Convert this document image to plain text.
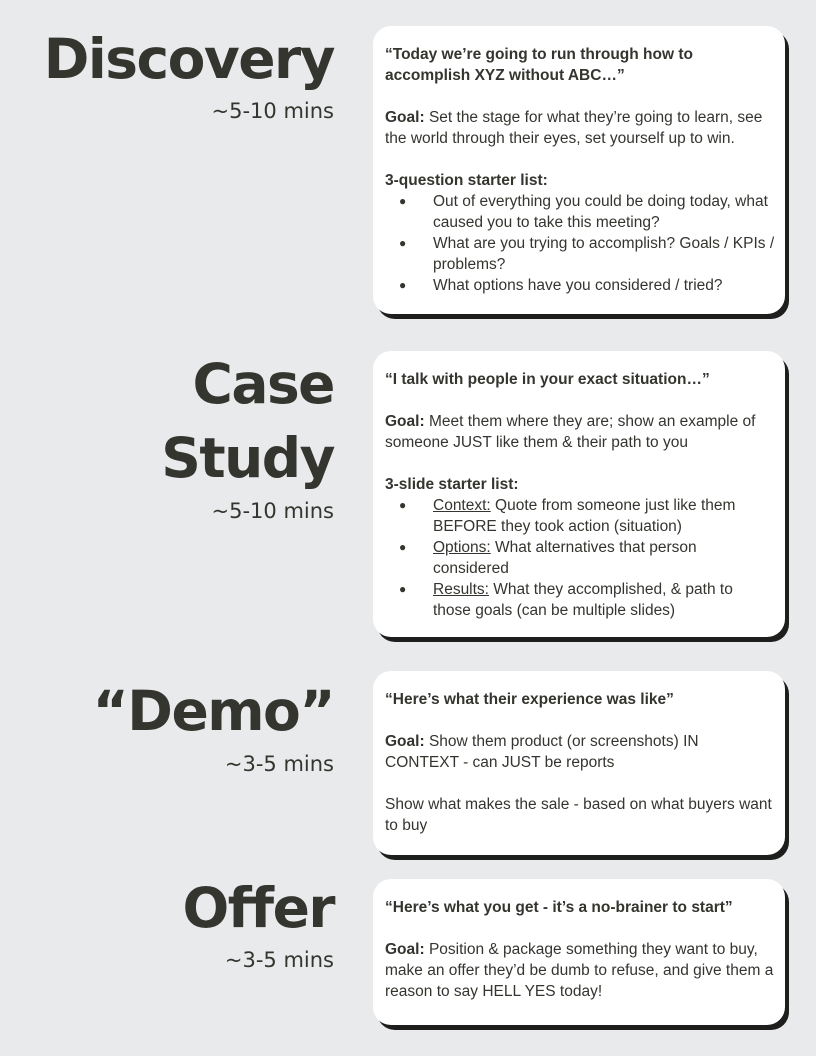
Discovery
~5-10 mins

“Today we’re going to run through how to accomplish XYZ without ABC…”

Goal: Set the stage for what they’re going to learn, see the world through their eyes, set yourself up to win.

3-question starter list:

● Out of everything you could be doing today, what caused you to take this meeting?
● What are you trying to accomplish? Goals / KPIs / problems?
● What options have you considered / tried?
Case
Study
~5-10 mins

“I talk with people in your exact situation…”

Goal: Meet them where they are; show an example of someone JUST like them & their path to you

3-slide starter list:

● Context: Quote from someone just like them BEFORE they took action (situation)
● Options: What alternatives that person considered
● Results: What they accomplished, & path to those goals (can be multiple slides)
“Demo”
~3-5 mins

“Here’s what their experience was like”

Goal: Show them product (or screenshots) IN CONTEXT - can JUST be reports

Show what makes the sale - based on what buyers want to buy

Offer
~3-5 mins

“Here’s what you get - it’s a no-brainer to start”

Goal: Position & package something they want to buy, make an offer they’d be dumb to refuse, and give them a reason to say HELL YES today!
